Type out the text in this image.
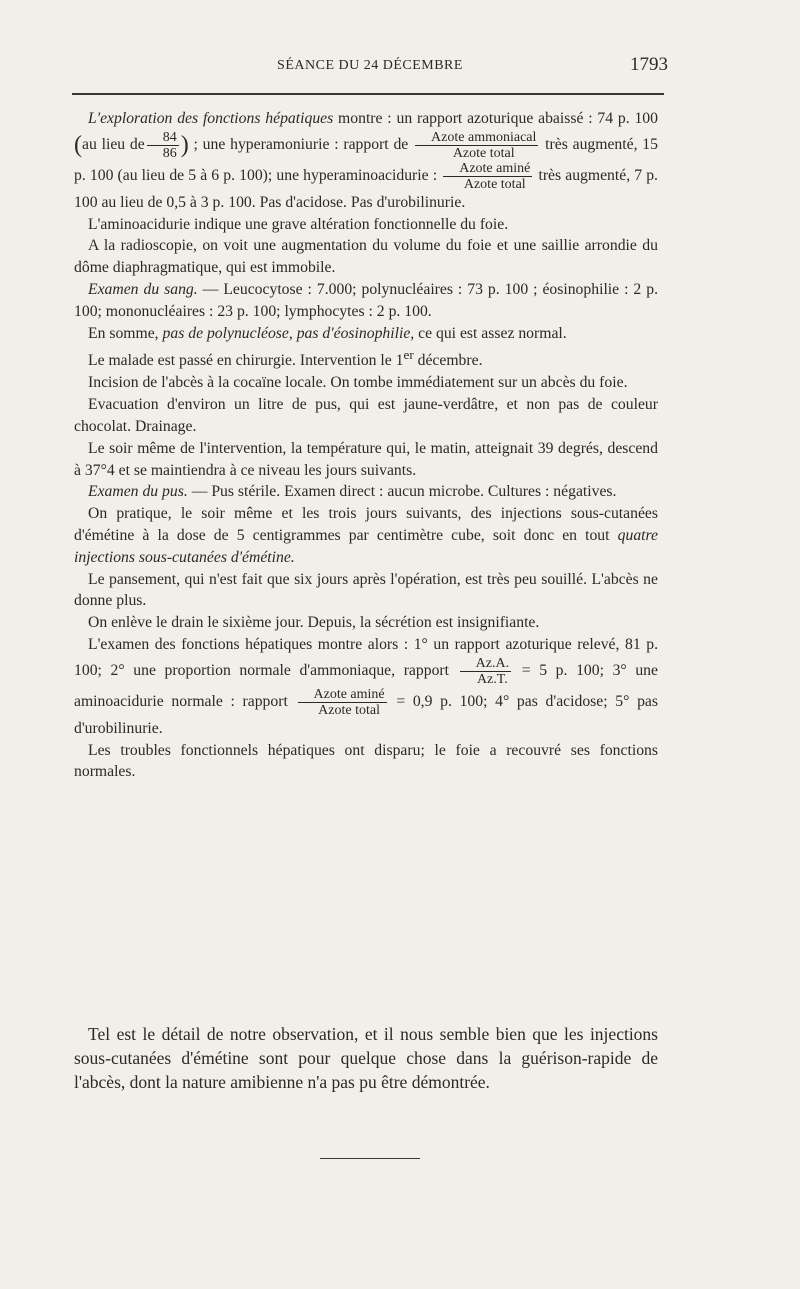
SÉANCE DU 24 DÉCEMBRE	1793

L'exploration des fonctions hépatiques montre : un rapport azoturique abaissé : 74 p. 100 (au lieu de $\frac{84}{86}$ ) ; une hyperamoniurie : rapport de $\frac{\text{Azote ammoniacal}}{\text{Azote total}}$ très augmenté, 15 p. 100 (au lieu de 5 à 6 p. 100); une hyperaminoacidurie : $\frac{\text{Azote aminé}}{\text{Azote total}}$ très augmenté, 7 p. 100 au lieu de 0,5 à 3 p. 100. Pas d'acidose. Pas d'urobilinurie.

L'aminoacidurie indique une grave altération fonctionnelle du foie.

A la radioscopie, on voit une augmentation du volume du foie et une saillie arrondie du dôme diaphragmatique, qui est immobile.

Examen du sang. — Leucocytose : 7.000; polynucléaires : 73 p. 100 ; éosinophilie : 2 p. 100; mononucléaires : 23 p. 100; lymphocytes : 2 p. 100.

En somme, pas de polynucléose, pas d'éosinophilie, ce qui est assez normal.

Le malade est passé en chirurgie. Intervention le 1er décembre.

Incision de l'abcès à la cocaïne locale. On tombe immédiatement sur un abcès du foie.

Evacuation d'environ un litre de pus, qui est jaune-verdâtre, et non pas de couleur chocolat. Drainage.

Le soir même de l'intervention, la température qui, le matin, atteignait 39 degrés, descend à 37°4 et se maintiendra à ce niveau les jours suivants.

Examen du pus. — Pus stérile. Examen direct : aucun microbe. Cultures : négatives.

On pratique, le soir même et les trois jours suivants, des injections sous-cutanées d'émétine à la dose de 5 centigrammes par centimètre cube, soit donc en tout quatre injections sous-cutanées d'émétine.

Le pansement, qui n'est fait que six jours après l'opération, est très peu souillé. L'abcès ne donne plus.

On enlève le drain le sixième jour. Depuis, la sécrétion est insignifiante.

L'examen des fonctions hépatiques montre alors : 1° un rapport azoturique relevé, 81 p. 100; 2° une proportion normale d'ammoniaque, rapport $\frac{Az.A.}{Az.T.} = 5$ p. 100; 3° une aminoacidurie normale : rapport $\frac{\text{Azote aminé}}{\text{Azote total}} = 0,9$ p. 100; 4° pas d'acidose; 5° pas d'urobilinurie.

Les troubles fonctionnels hépatiques ont disparu; le foie a recouvré ses fonctions normales.

Tel est le détail de notre observation, et il nous semble bien que les injections sous-cutanées d'émétine sont pour quelque chose dans la guérison-rapide de l'abcès, dont la nature amibienne n'a pas pu être démontrée.
